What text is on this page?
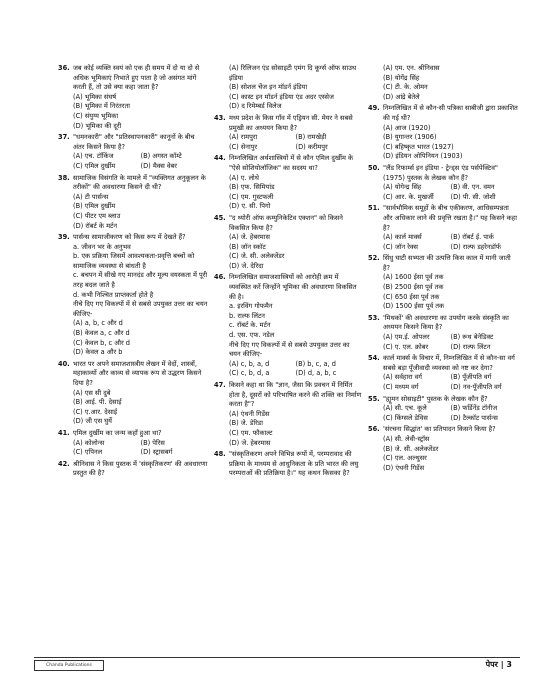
36. जब कोई व्यक्ति स्वयं को एक ही समय में दो या दो से अधिक भूमिकाएं निभाते हुए पाता है जो असंगत मांगें करती हैं, तो उसे क्या कहा जाता है?
(A) भूमिका संघर्ष
(B) भूमिका में निरंतरता
(C) संयुग्म भूमिका
(D) भूमिका की दूरी
37. "धमनकारी" और "प्रतिस्थापनकारी" कानूनों के बीच अंतर किसने किया है?
(A) एच. टॉकिंज	(B) अगस्त कॉम्टे
(C) एमिल दुर्खीम	(D) मैक्स वेबर
38. सामाजिक विसंगति के मामले में "व्यक्तिगत अनुकूलन के तरीकों" की अवधारणा किसने दी थी?
(A) टी पार्सन्स
(B) एमिल दुर्खीम
(C) पीटर एम ब्लाउ
(D) रॉबर्ट के मर्टन
39. पार्सन्स सामाजीकरण को किस रूप में देखते हैं?
a. जीवन भर के अनुभव
b. एक प्रक्रिया जिसमें आवश्यकता-प्रवृत्ति बच्चों को सामाजिक व्यवस्था से बांधती है
c. बचपन में सीखे गए मानदंड और मूल्य वयस्कता में पूरी तरह बदल जाते है
d. कभी निश्चित प्राप्तकर्ता होते है
नीचे दिए गए विकल्पों में से सबसे उपयुक्त उत्तर का चयन कीजिए-
(A) a, b, c और d
(B) केवल a, c और d
(C) केवल b, c और d
(D) केवल a और b
40. भारत पर अपने समाजशास्त्रीय लेखन में वेदों, शास्त्रों, महाकाव्यों और काव्य से व्यापक रूप से उद्धरण किसने दिया है?
(A) एस सी दुबे
(B) आई. पी. देसाई
(C) ए.आर. देसाई
(D) जी एस घुर्ये
41. एमिल दुर्खीम का जन्म कहाँ हुआ था?
(A) कोलोन्स	(B) पेरिस
(C) एपिनल	(D) स्ट्रासबर्ग
42. श्रीनिवास ने किस पुस्तक में 'संस्कृतिकरण' की अवधारणा प्रस्तुत की है?
(A) रिलिजन एंड सोसाइटी एमंग दि कूर्ग्स ऑफ साउथ इंडिया
(B) सोशल चेंज इन मॉडर्न इंडिया
(C) कास्ट इन मॉडर्न इंडिया एंड अदर एस्सेज
(D) द रिमेम्बर्ड विलेज
43. मध्य प्रदेश के किस गाँव में एड्रियन सी. मेयर ने सबसे प्रमुखी का अध्ययन किया है?
(A) रामपुरा	(B) रामखेड़ी
(C) सेनापुर	(D) करीमपुर
44. निम्नलिखित अर्थशास्त्रियों में से कौन एमिल दुर्खीम के "ऐसे सोशियोलॉजिक" का सदस्य था?
(A) ए. लोथे
(B) एफ. सिमियांड
(C) एम. गुस्टफली
(D) ए. सी. पिगो
45. "द थ्योरी ऑफ कम्युनिकेटिव एक्शन" को किसने विकसित किया है?
(A) जे. हेबरमास
(B) जॉन स्कॉट
(C) जे. सी. अलेक्जेंडर
(D) जे. देरिदा
46. निम्नलिखित समाजशास्त्रियों को आरोही क्रम में व्यवस्थित करें जिन्होंने भूमिका की अवधारणा विकसित की है।
a. इरविंग गोफमैन
b. राल्फ लिंटन
c. रॉबर्ट के. मर्टन
d. एस. एफ. नडेल
नीचे दिए गए विकल्पों में से सबसे उपयुक्त उत्तर का चयन कीजिए-
(A) c, b, a, d	(B) b, c, a, d
(C) c, b, d, a	(D) d, a, b, c
47. किसने कहा था कि "ज्ञान, जैसा कि प्रवचन में निर्मित होता है, दूसरों को परिभाषित करने की शक्ति का निर्माण करता है"?
(A) एंथनी गिडेंस
(B) जे. डेरिडा
(C) एम. फौकाल्ट
(D) जे. हेबरमास
48. "संस्कृतिकरण अपने विभिन्न रूपों में, परम्परावाद की प्रक्रिया के माध्यम से आधुनिकता के प्रति भारत की लघु परम्पराओं की प्रतिक्रिया है।" यह कथन किसका है?
(A) एम. एन. श्रीनिवास
(B) योगेंद्र सिंह
(C) टी. के. ओमन
(D) आंद्रे बेतेले
49. निम्नलिखित में से कौन-सी पत्रिका साबीजी द्वारा प्रकाशित की गई थी?
(A) आज (1920)
(B) युगान्तर (1906)
(C) बहिष्कृत भारत (1927)
(D) इंडियन ओपिनियन (1903)
50. "लैंड रिफार्म्स इन इंडिया - ट्रेन्ड्स एंड पर्सपेक्टिव" (1975) पुस्तक के लेखक कौन हैं?
(A) योगेन्द्र सिंह	(B) वी. एन. वमन
(C) आर. के. मुखर्जी	(D) पी. सी. जोशी
51. "सार्वभौमिक समूहों के बीच एकीकरण, आधिसम्पन्नता और अधिकार लाने की प्रवृत्ति रखता है।" यह किसने कहा है?
(A) कार्ल मार्क्स	(B) रॉबर्ट ई. पार्क
(C) जॉन रेक्स	(D) राल्फ डहरेनडॉर्फ
52. सिंधु घाटी सभ्यता की उत्पत्ति किस काल में मानी जाती है?
(A) 1600 ईसा पूर्व तक
(B) 2500 ईसा पूर्व तक
(C) 650 ईसा पूर्व तक
(D) 1500 ईसा पूर्व तक
53. 'मिथकों' की अवधारणा का उपयोग करके संस्कृति का अध्ययन किसने किया है?
(A) एम.ई. ओपलर	(B) रूथ बेनेडिक्ट
(C) ए. एल. क्रोबर	(D) राल्फ लिंटन
54. कार्ल मार्क्स के विचार में, निम्नलिखित में से कौन-सा वर्ग सबसे बड़ा पूँजीवादी व्यवस्था को नष्ट कर देगा?
(A) सर्वहारा वर्ग	(B) पूँजीपति वर्ग
(C) मध्यम वर्ग	(D) नव-पूँजीपति वर्ग
55. "ह्यूमन सोसाइटी" पुस्तक के लेखक कौन हैं?
(A) सी. एच. कूले	(B) फर्डिनेंड टॉनीज
(C) किंग्सले डेविस	(D) टैल्कॉट पार्सन्स
56. 'संरचना सिद्धांत' का प्रतिपादन किसने किया है?
(A) सी. लेवी-स्ट्रॉस
(B) जे. सी. अलेक्जेंडर
(C) एल. अल्थुसर
(D) एंथनी गिडेंस
Chanda Publications	पेपर | 3
